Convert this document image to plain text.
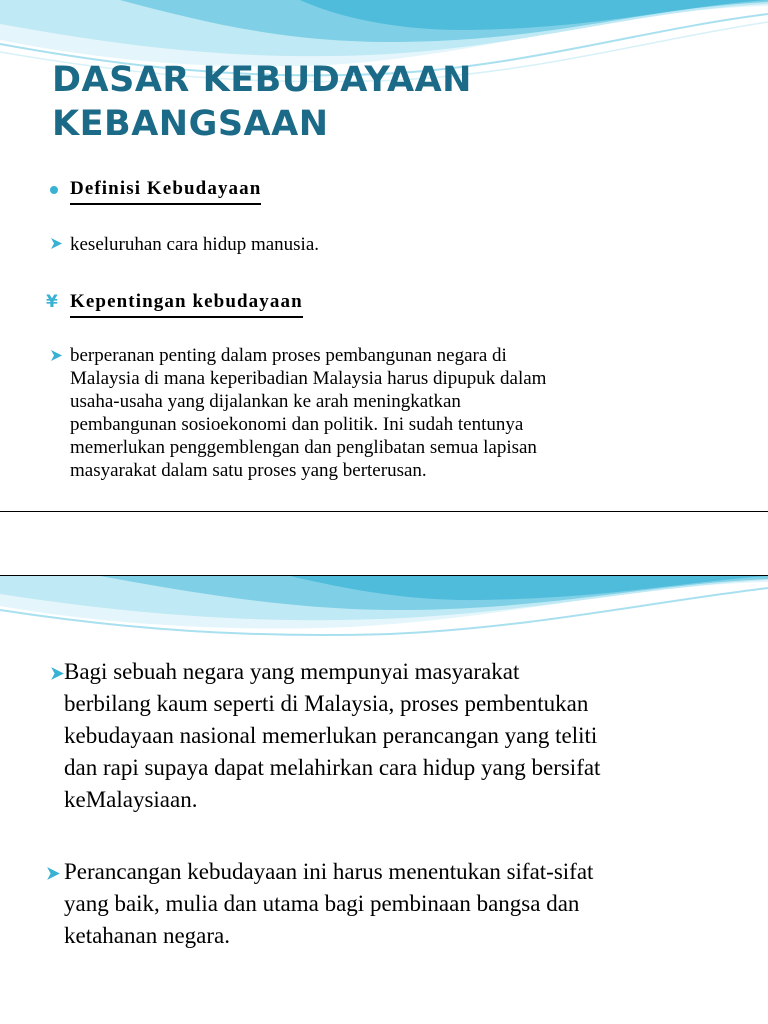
DASAR KEBUDAYAAN
KEBANGSAAN

Definisi Kebudayaan

keseluruhan cara hidup manusia.

¥ Kepentingan kebudayaan

berperanan penting dalam proses pembangunan negara di
Malaysia di mana keperibadian Malaysia harus dipupuk dalam
usaha-usaha yang dijalankan ke arah meningkatkan
pembangunan sosioekonomi dan politik. Ini sudah tentunya
memerlukan penggemblengan dan penglibatan semua lapisan
masyarakat dalam satu proses yang berterusan.
Bagi sebuah negara yang mempunyai masyarakat
berbilang kaum seperti di Malaysia, proses pembentukan
kebudayaan nasional memerlukan perancangan yang teliti
dan rapi supaya dapat melahirkan cara hidup yang bersifat
keMalaysiaan.
Perancangan kebudayaan ini harus menentukan sifat-sifat
yang baik, mulia dan utama bagi pembinaan bangsa dan
ketahanan negara.
